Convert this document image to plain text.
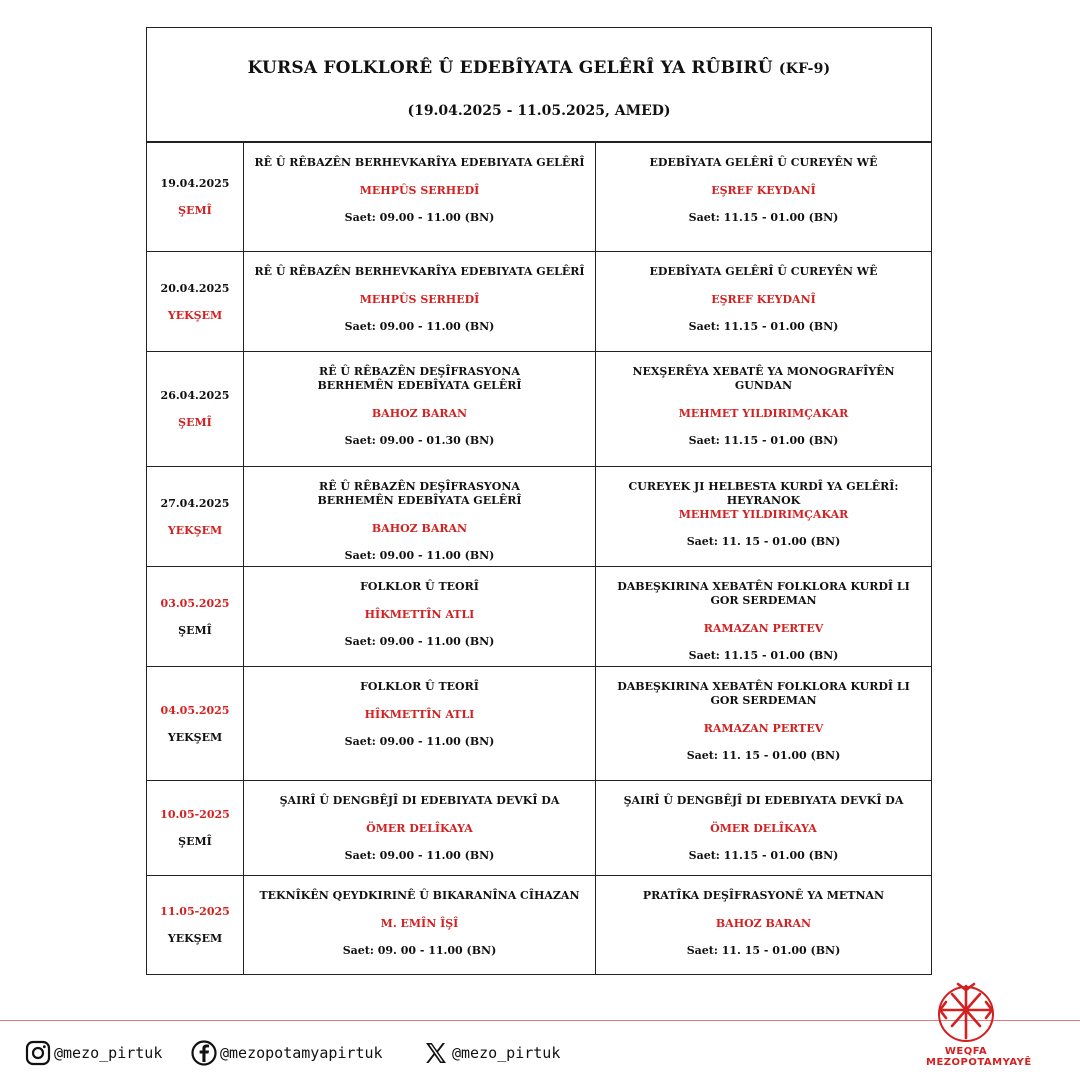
KURSA FOLKLORÊ Û EDEBÎYATA GELÊRÎ YA RÛBIRÛ (KF-9)
(19.04.2025 - 11.05.2025, AMED)
19.04.2025
ŞEMÎ
RÊ Û RÊBAZÊN BERHEVKARÎYA EDEBIYATA GELÊRÎ
MEHPÛS SERHEDÎ
Saet: 09.00 - 11.00 (BN)
EDEBÎYATA GELÊRÎ Û CUREYÊN WÊ
EŞREF KEYDANÎ
Saet: 11.15 - 01.00 (BN)
20.04.2025
YEKŞEM
RÊ Û RÊBAZÊN BERHEVKARÎYA EDEBIYATA GELÊRÎ
MEHPÛS SERHEDÎ
Saet: 09.00 - 11.00 (BN)
EDEBÎYATA GELÊRÎ Û CUREYÊN WÊ
EŞREF KEYDANÎ
Saet: 11.15 - 01.00 (BN)
26.04.2025
ŞEMÎ
RÊ Û RÊBAZÊN DEŞÎFRASYONA BERHEMÊN EDEBÎYATA GELÊRÎ
BAHOZ BARAN
Saet: 09.00 - 01.30 (BN)
NEXŞERÊYA XEBATÊ YA MONOGRAFÎYÊN GUNDAN
MEHMET YILDIRIMÇAKAR
Saet: 11.15 - 01.00 (BN)
27.04.2025
YEKŞEM
RÊ Û RÊBAZÊN DEŞÎFRASYONA BERHEMÊN EDEBÎYATA GELÊRÎ
BAHOZ BARAN
Saet: 09.00 - 11.00 (BN)
CUREYEK JI HELBESTA KURDÎ YA GELÊRÎ: HEYRANOK
MEHMET YILDIRIMÇAKAR
Saet: 11. 15 - 01.00 (BN)
03.05.2025
ŞEMÎ
FOLKLOR Û TEORÎ
HÎKMETTÎN ATLI
Saet: 09.00 - 11.00 (BN)
DABEŞKIRINA XEBATÊN FOLKLORA KURDÎ LI GOR SERDEMAN
RAMAZAN PERTEV
Saet: 11.15 - 01.00 (BN)
04.05.2025
YEKŞEM
FOLKLOR Û TEORÎ
HÎKMETTÎN ATLI
Saet: 09.00 - 11.00 (BN)
DABEŞKIRINA XEBATÊN FOLKLORA KURDÎ LI GOR SERDEMAN
RAMAZAN PERTEV
Saet: 11. 15 - 01.00 (BN)
10.05-2025
ŞEMÎ
ŞAIRÎ Û DENGBÊJÎ DI EDEBIYATA DEVKÎ DA
ÖMER DELÎKAYA
Saet: 09.00 - 11.00 (BN)
ŞAIRÎ Û DENGBÊJÎ DI EDEBIYATA DEVKÎ DA
ÖMER DELÎKAYA
Saet: 11.15 - 01.00 (BN)
11.05-2025
YEKŞEM
TEKNÎKÊN QEYDKIRINÊ Û BIKARANÎNA CÎHAZAN
M. EMÎN ÎŞÎ
Saet: 09. 00 - 11.00 (BN)
PRATÎKA DEŞÎFRASYONÊ YA METNAN
BAHOZ BARAN
Saet: 11. 15 - 01.00 (BN)
@mezo_pirtuk	@mezopotamyapirtuk	@mezo_pirtuk	WEQFA
MEZOPOTAMYAYÊ
